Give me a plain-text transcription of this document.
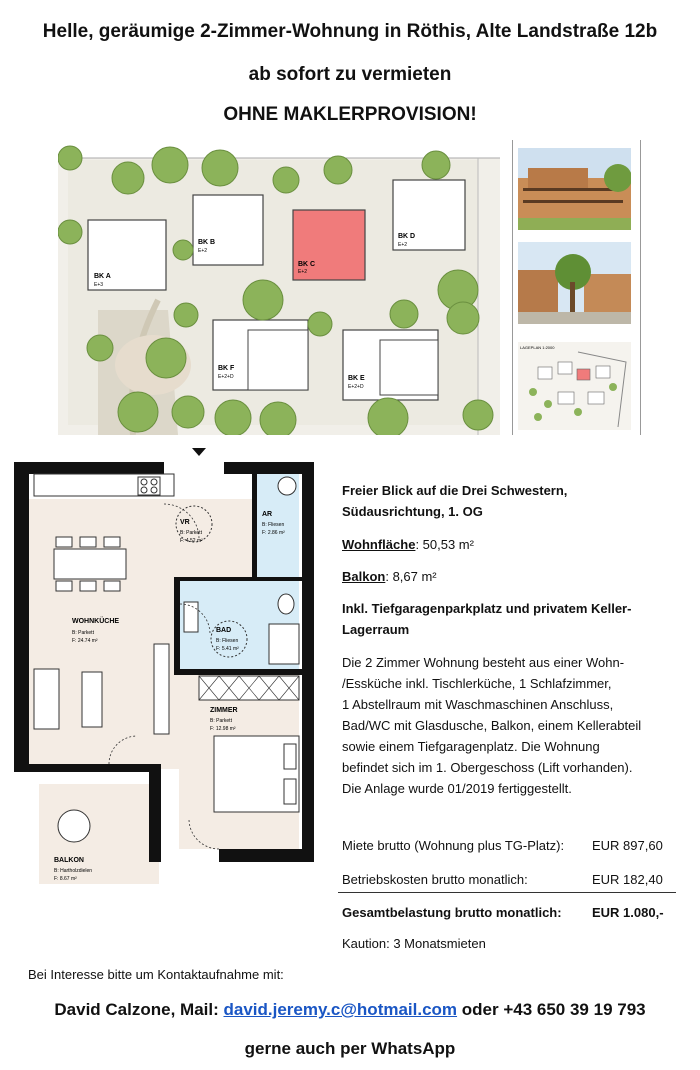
Helle, geräumige 2-Zimmer-Wohnung in Röthis, Alte Landstraße 12b
ab sofort zu vermieten
OHNE MAKLERPROVISION!
BK A
E+3
BK B
E+2
BK C
E+2
BK D
E+2
BK F
E+2+D	BK E
E+2+D
LAGEPLAN 1:2000
VR
B: Parkett
F: 4.52 m²
AR
B: Fliesen
F: 2.86 m²
WOHNKÜCHE
B: Parkett
F: 24.74 m²
BAD
B: Fliesen
F: 5.41 m²
ZIMMER
B: Parkett
F: 12.98 m²
BALKON
B: Hartholzdielen
F: 8.67 m²
Freier Blick auf die Drei Schwestern,
Südausrichtung, 1. OG
Wohnfläche: 50,53 m²
Balkon: 8,67 m²
Inkl. Tiefgaragenparkplatz und privatem Keller-
Lagerraum
Die 2 Zimmer Wohnung besteht aus einer Wohn-
/Essküche inkl. Tischlerküche, 1 Schlafzimmer,
1 Abstellraum mit Waschmaschinen Anschluss,
Bad/WC mit Glasdusche, Balkon, einem Kellerabteil
sowie einem Tiefgaragenplatz. Die Wohnung
befindet sich im 1. Obergeschoss (Lift vorhanden).
Die Anlage wurde 01/2019 fertiggestellt.
Miete brutto (Wohnung plus TG-Platz): EUR 897,60
Betriebskosten brutto monatlich:	EUR 182,40
Gesamtbelastung brutto monatlich: EUR 1.080,-
Kaution: 3 Monatsmieten
Bei Interesse bitte um Kontaktaufnahme mit:
David Calzone, Mail: david.jeremy.c@hotmail.com oder +43 650 39 19 793
gerne auch per WhatsApp
